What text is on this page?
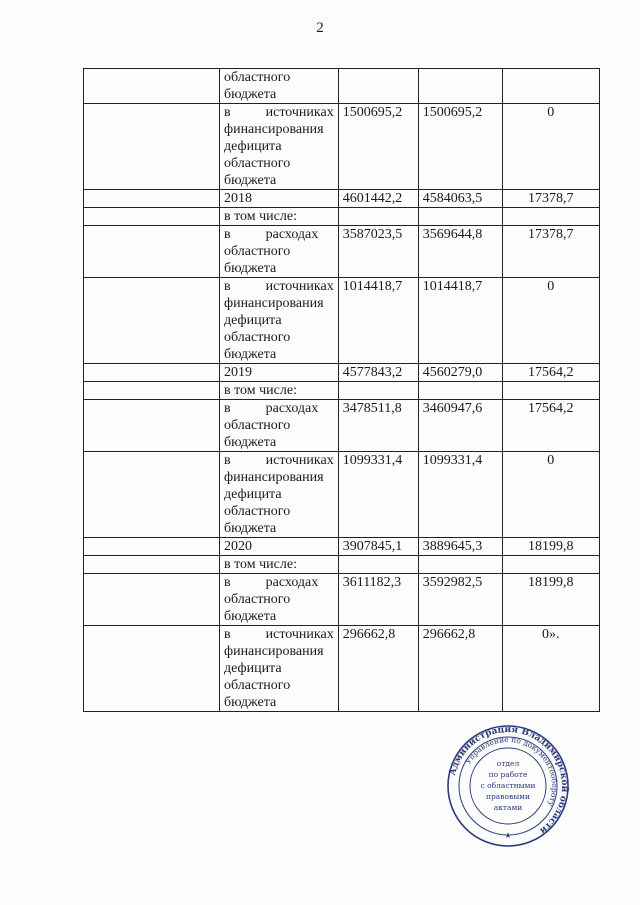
2

	областного
бюджета			

	в          источниках
финансирования
дефицита
областного
бюджета	1500695,2	1500695,2	0

	2018	4601442,2	4584063,5	17378,7

	в том числе:			

	в          расходах
областного
бюджета	3587023,5	3569644,8	17378,7

	в          источниках
финансирования
дефицита
областного
бюджета	1014418,7	1014418,7	0

	2019	4577843,2	4560279,0	17564,2

	в том числе:			

	в          расходах
областного
бюджета	3478511,8	3460947,6	17564,2

	в          источниках
финансирования
дефицита
областного
бюджета	1099331,4	1099331,4	0

	2020	3907845,1	3889645,3	18199,8

	в том числе:			

	в          расходах
областного
бюджета	3611182,3	3592982,5	18199,8

	в          источниках
финансирования
дефицита
областного
бюджета	296662,8	296662,8	0».
Администрация Владимирской области
Управление по документообороту
отдел
по работе
с областными
правовыми
актами
★
